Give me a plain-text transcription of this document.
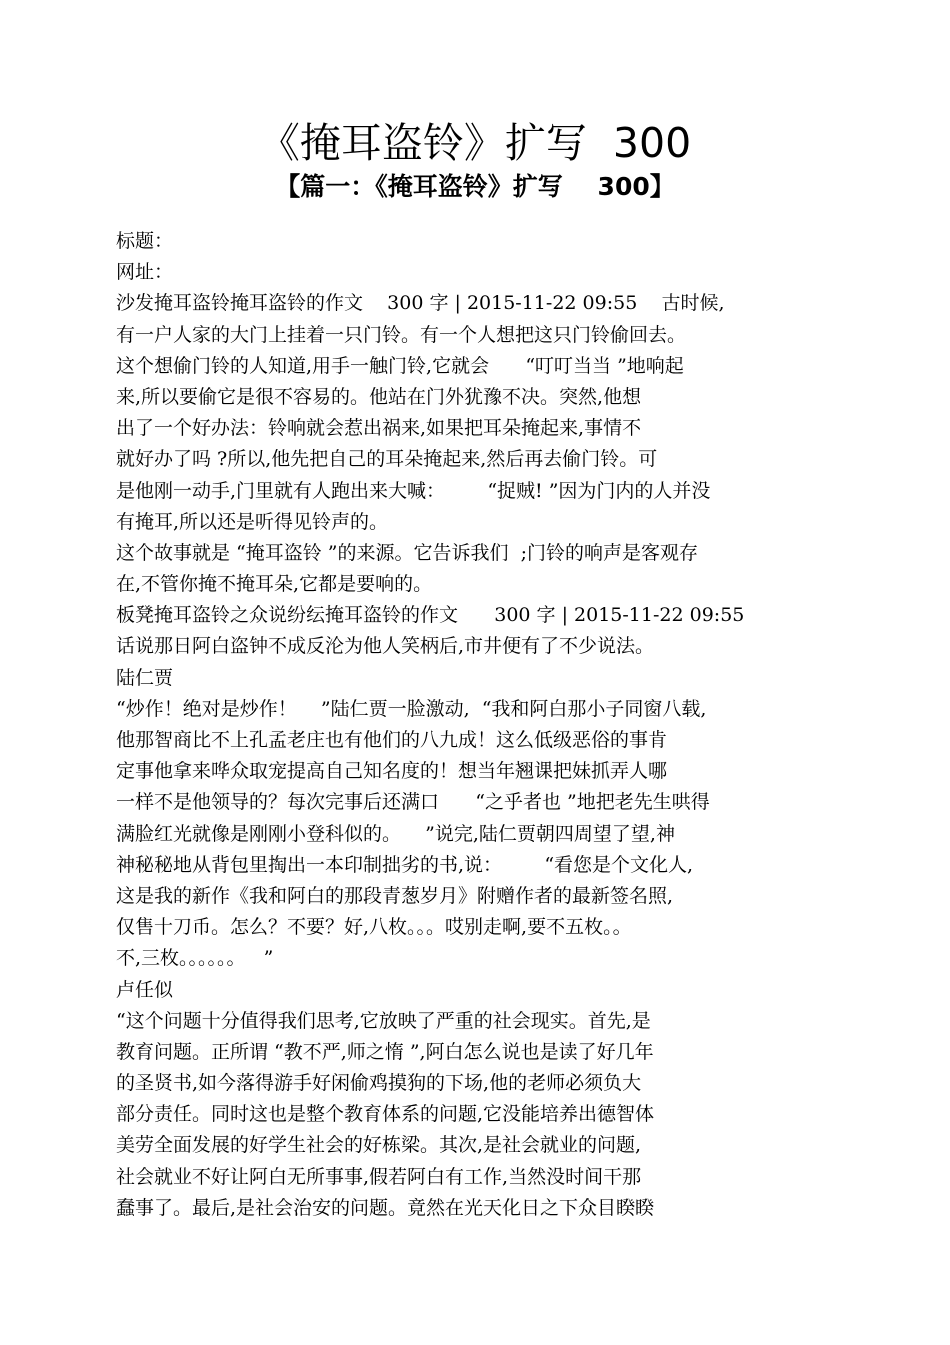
《掩耳盗铃》扩写  300
【篇一：《掩耳盗铃》扩写    300】
标题：
网址：
沙发掩耳盗铃掩耳盗铃的作文    300 字 | 2015-11-22 09:55    古时候,
有一户人家的大门上挂着一只门铃。有一个人想把这只门铃偷回去。
这个想偷门铃的人知道,用手一触门铃,它就会      “叮叮当当 ”地响起
来,所以要偷它是很不容易的。他站在门外犹豫不决。突然,他想
出了一个好办法：铃响就会惹出祸来,如果把耳朵掩起来,事情不
就好办了吗 ?所以,他先把自己的耳朵掩起来,然后再去偷门铃。可
是他刚一动手,门里就有人跑出来大喊：       “捉贼! ”因为门内的人并没
有掩耳,所以还是听得见铃声的。
这个故事就是 “掩耳盗铃 ”的来源。它告诉我们  ;门铃的响声是客观存
在,不管你掩不掩耳朵,它都是要响的。
板凳掩耳盗铃之众说纷纭掩耳盗铃的作文      300 字 | 2015-11-22 09:55
话说那日阿白盗钟不成反沦为他人笑柄后,市井便有了不少说法。
陆仁贾
“炒作！绝对是炒作！    ”陆仁贾一脸激动,  “我和阿白那小子同窗八载,
他那智商比不上孔孟老庄也有他们的八九成！这么低级恶俗的事肯
定事他拿来哗众取宠提高自己知名度的！想当年翘课把妹抓弄人哪
一样不是他领导的？每次完事后还满口      “之乎者也 ”地把老先生哄得
满脸红光就像是刚刚小登科似的。    ”说完,陆仁贾朝四周望了望,神
神秘秘地从背包里掏出一本印制拙劣的书,说：       “看您是个文化人,
这是我的新作《我和阿白的那段青葱岁月》附赠作者的最新签名照,
仅售十刀币。怎么？不要？好,八枚。。。哎别走啊,要不五枚。。
不,三枚。。。。。。   ”
卢任似
“这个问题十分值得我们思考,它放映了严重的社会现实。首先,是
教育问题。正所谓 “教不严,师之惰 ”,阿白怎么说也是读了好几年
的圣贤书,如今落得游手好闲偷鸡摸狗的下场,他的老师必须负大
部分责任。同时这也是整个教育体系的问题,它没能培养出德智体
美劳全面发展的好学生社会的好栋梁。其次,是社会就业的问题,
社会就业不好让阿白无所事事,假若阿白有工作,当然没时间干那
蠢事了。最后,是社会治安的问题。竟然在光天化日之下众目睽睽
